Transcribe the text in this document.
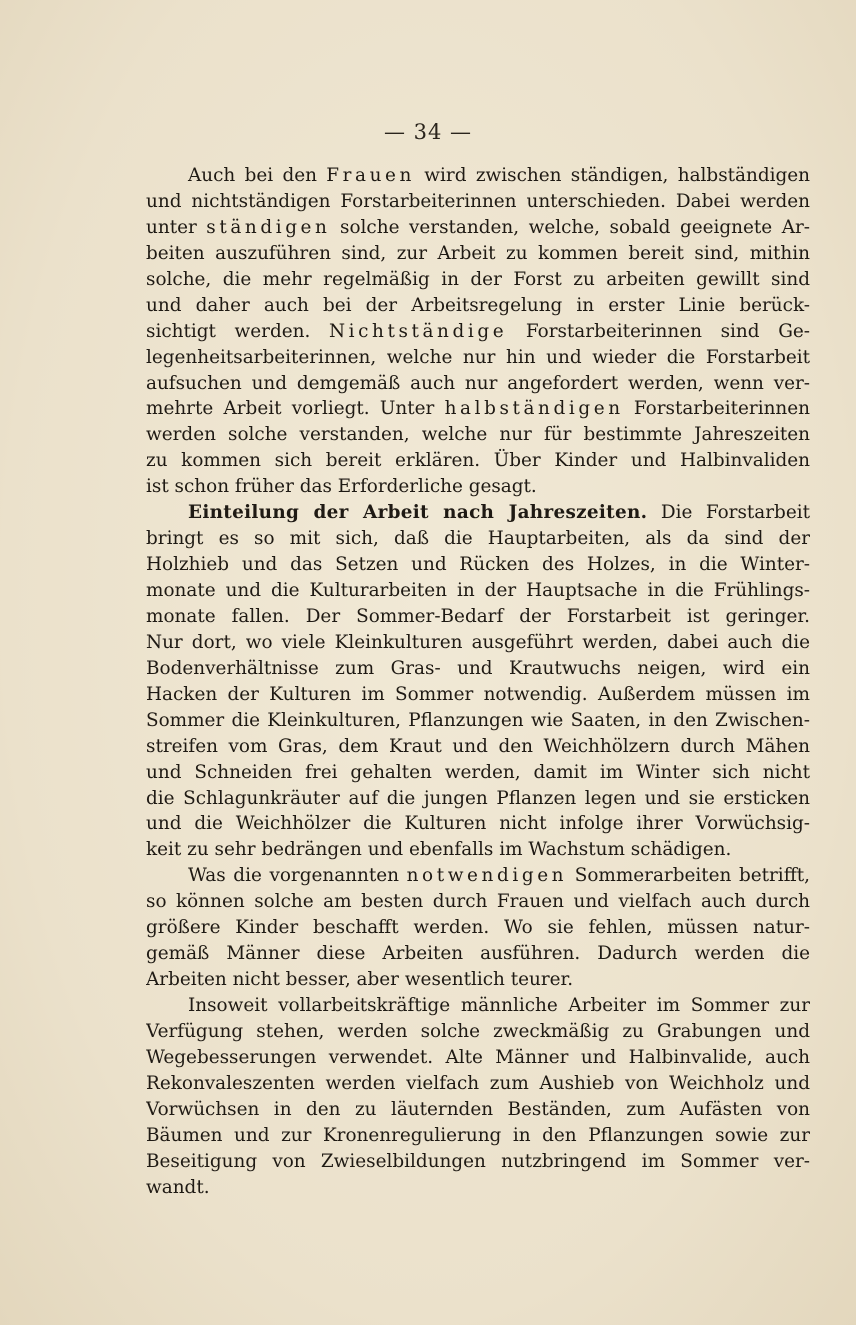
— 34 —
Auch bei den Frauen wird zwischen ständigen, halbständigen
und nichtständigen Forstarbeiterinnen unterschieden. Dabei werden
unter ständigen solche verstanden, welche, sobald geeignete Ar-
beiten auszuführen sind, zur Arbeit zu kommen bereit sind, mithin
solche, die mehr regelmäßig in der Forst zu arbeiten gewillt sind
und daher auch bei der Arbeitsregelung in erster Linie berück-
sichtigt werden. Nichtständige Forstarbeiterinnen sind Ge-
legenheitsarbeiterinnen, welche nur hin und wieder die Forstarbeit
aufsuchen und demgemäß auch nur angefordert werden, wenn ver-
mehrte Arbeit vorliegt. Unter halbständigen Forstarbeiterinnen
werden solche verstanden, welche nur für bestimmte Jahreszeiten
zu kommen sich bereit erklären. Über Kinder und Halbinvaliden
ist schon früher das Erforderliche gesagt.
Einteilung der Arbeit nach Jahreszeiten. Die Forstarbeit
bringt es so mit sich, daß die Hauptarbeiten, als da sind der
Holzhieb und das Setzen und Rücken des Holzes, in die Winter-
monate und die Kulturarbeiten in der Hauptsache in die Frühlings-
monate fallen. Der Sommer-Bedarf der Forstarbeit ist geringer.
Nur dort, wo viele Kleinkulturen ausgeführt werden, dabei auch die
Bodenverhältnisse zum Gras- und Krautwuchs neigen, wird ein
Hacken der Kulturen im Sommer notwendig. Außerdem müssen im
Sommer die Kleinkulturen, Pflanzungen wie Saaten, in den Zwischen-
streifen vom Gras, dem Kraut und den Weichhölzern durch Mähen
und Schneiden frei gehalten werden, damit im Winter sich nicht
die Schlagunkräuter auf die jungen Pflanzen legen und sie ersticken
und die Weichhölzer die Kulturen nicht infolge ihrer Vorwüchsig-
keit zu sehr bedrängen und ebenfalls im Wachstum schädigen.
Was die vorgenannten notwendigen Sommerarbeiten betrifft,
so können solche am besten durch Frauen und vielfach auch durch
größere Kinder beschafft werden. Wo sie fehlen, müssen natur-
gemäß Männer diese Arbeiten ausführen. Dadurch werden die
Arbeiten nicht besser, aber wesentlich teurer.
Insoweit vollarbeitskräftige männliche Arbeiter im Sommer zur
Verfügung stehen, werden solche zweckmäßig zu Grabungen und
Wegebesserungen verwendet. Alte Männer und Halbinvalide, auch
Rekonvaleszenten werden vielfach zum Aushieb von Weichholz und
Vorwüchsen in den zu läuternden Beständen, zum Aufästen von
Bäumen und zur Kronenregulierung in den Pflanzungen sowie zur
Beseitigung von Zwieselbildungen nutzbringend im Sommer ver-
wandt.
